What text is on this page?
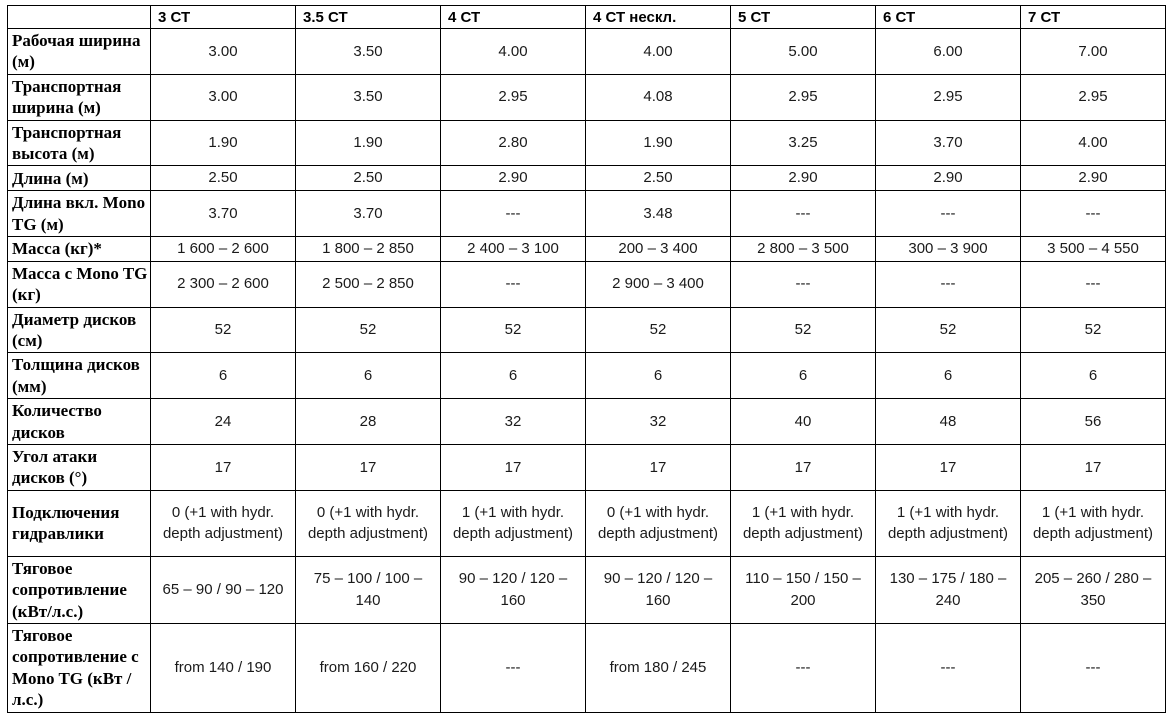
	3 СТ	3.5 СТ	4 СТ	4 СТ нескл.	5 СТ	6 СТ	7 СТ
Рабочая ширина (м)	3.00	3.50	4.00	4.00	5.00	6.00	7.00
Транспортная ширина (м)	3.00	3.50	2.95	4.08	2.95	2.95	2.95
Транспортная высота (м)	1.90	1.90	2.80	1.90	3.25	3.70	4.00
Длина (м)	2.50	2.50	2.90	2.50	2.90	2.90	2.90
Длина вкл. Mono TG (м)	3.70	3.70	---	3.48	---	---	---
Масса (кг)*	1 600 – 2 600	1 800 – 2 850	2 400 – 3 100	200 – 3 400	2 800 – 3 500	300 – 3 900	3 500 – 4 550
Масса с Mono TG (кг)	2 300 – 2 600	2 500 – 2 850	---	2 900 – 3 400	---	---	---
Диаметр дисков (см)	52	52	52	52	52	52	52
Толщина дисков (мм)	6	6	6	6	6	6	6
Количество дисков	24	28	32	32	40	48	56
Угол атаки дисков (°)	17	17	17	17	17	17	17
Подключения гидравлики	0 (+1 with hydr. depth adjustment)	0 (+1 with hydr. depth adjustment)	1 (+1 with hydr. depth adjustment)	0 (+1 with hydr. depth adjustment)	1 (+1 with hydr. depth adjustment)	1 (+1 with hydr. depth adjustment)	1 (+1 with hydr. depth adjustment)
Тяговое сопротивление (кВт/л.с.)	65 – 90 / 90 – 120	75 – 100 / 100 – 140	90 – 120 / 120 – 160	90 – 120 / 120 – 160	110 – 150 / 150 – 200	130 – 175 / 180 – 240	205 – 260 / 280 – 350
Тяговое сопротивление с Mono TG (кВт / л.с.)	from 140 / 190	from 160 / 220	---	from 180 / 245	---	---	---
